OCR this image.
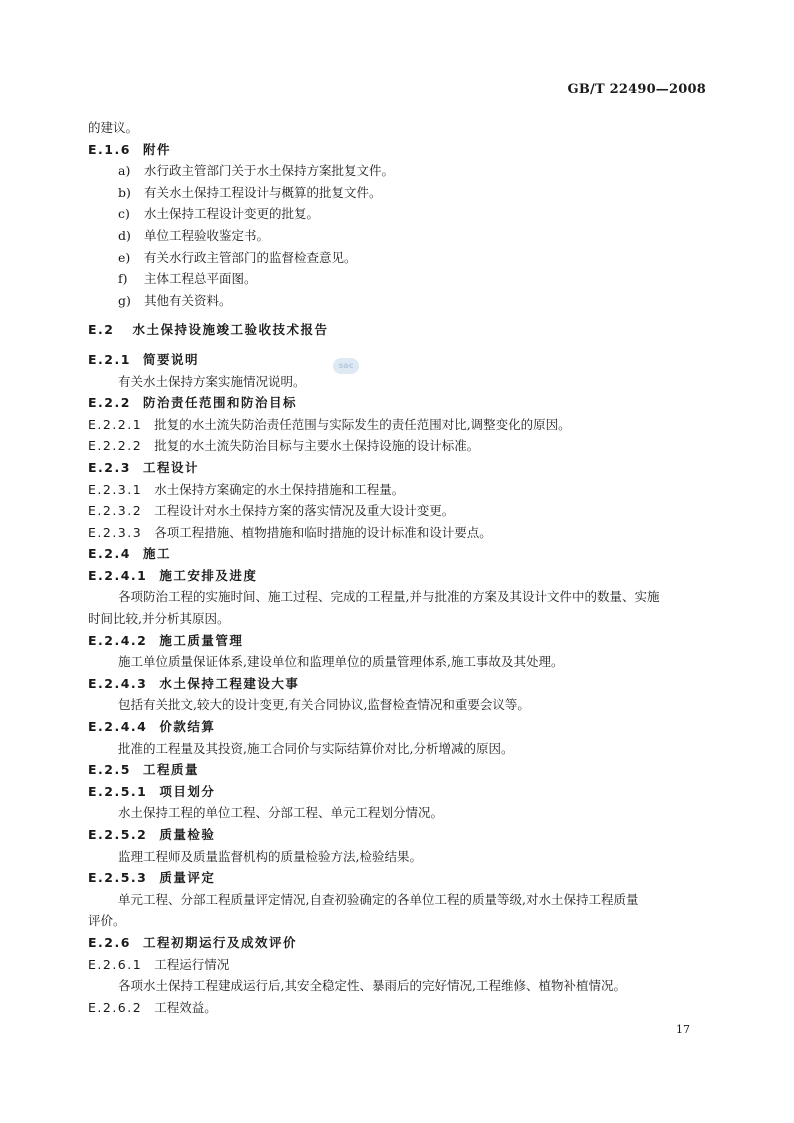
GB/T 22490—2008
sac
的建议。
E.1.6 附件
a) 水行政主管部门关于水土保持方案批复文件。
b) 有关水土保持工程设计与概算的批复文件。
c) 水土保持工程设计变更的批复。
d) 单位工程验收鉴定书。
e) 有关水行政主管部门的监督检查意见。
f) 主体工程总平面图。
g) 其他有关资料。
E.2 水土保持设施竣工验收技术报告
E.2.1 简要说明
有关水土保持方案实施情况说明。
E.2.2 防治责任范围和防治目标
E.2.2.1 批复的水土流失防治责任范围与实际发生的责任范围对比,调整变化的原因。
E.2.2.2 批复的水土流失防治目标与主要水土保持设施的设计标准。
E.2.3 工程设计
E.2.3.1 水土保持方案确定的水土保持措施和工程量。
E.2.3.2 工程设计对水土保持方案的落实情况及重大设计变更。
E.2.3.3 各项工程措施、植物措施和临时措施的设计标准和设计要点。
E.2.4 施工
E.2.4.1 施工安排及进度
各项防治工程的实施时间、施工过程、完成的工程量,并与批准的方案及其设计文件中的数量、实施
时间比较,并分析其原因。
E.2.4.2 施工质量管理
施工单位质量保证体系,建设单位和监理单位的质量管理体系,施工事故及其处理。
E.2.4.3 水土保持工程建设大事
包括有关批文,较大的设计变更,有关合同协议,监督检查情况和重要会议等。
E.2.4.4 价款结算
批准的工程量及其投资,施工合同价与实际结算价对比,分析增减的原因。
E.2.5 工程质量
E.2.5.1 项目划分
水土保持工程的单位工程、分部工程、单元工程划分情况。
E.2.5.2 质量检验
监理工程师及质量监督机构的质量检验方法,检验结果。
E.2.5.3 质量评定
单元工程、分部工程质量评定情况,自查初验确定的各单位工程的质量等级,对水土保持工程质量
评价。
E.2.6 工程初期运行及成效评价
E.2.6.1 工程运行情况
各项水土保持工程建成运行后,其安全稳定性、暴雨后的完好情况,工程维修、植物补植情况。
E.2.6.2 工程效益。
17
